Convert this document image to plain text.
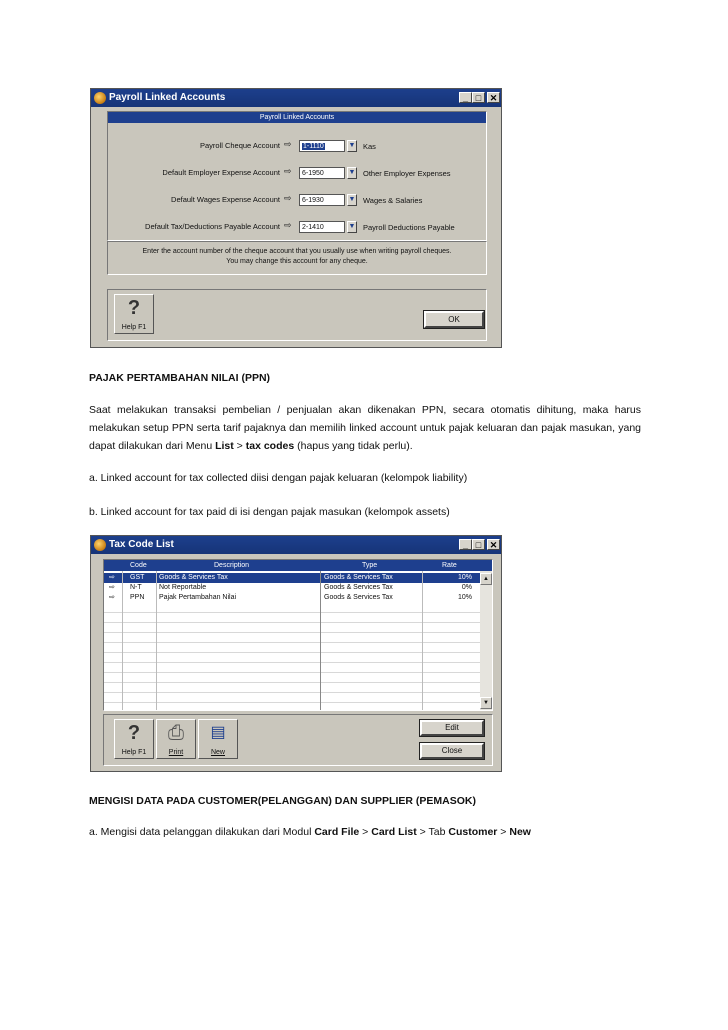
Payroll Linked Accounts	_ □ ✕
Payroll Linked Accounts
Payroll Cheque Account ⇨	1-1110	▼ Kas
Default Employer Expense Account ⇨	6-1950	▼ Other Employer Expenses
Default Wages Expense Account ⇨	6-1930	▼ Wages & Salaries
Default Tax/Deductions Payable Account ⇨	2-1410	▼ Payroll Deductions Payable
Enter the account number of the cheque account that you usually use when writing payroll cheques.
You may change this account for any cheque.
?
Help F1
OK
PAJAK PERTAMBAHAN NILAI (PPN)
Saat melakukan transaksi pembelian / penjualan akan dikenakan PPN, secara otomatis dihitung, maka harus melakukan setup PPN serta tarif pajaknya dan memilih linked account untuk pajak keluaran dan pajak masukan, yang dapat dilakukan dari Menu List > tax codes (hapus yang tidak perlu).
a. Linked account for tax collected diisi dengan pajak keluaran (kelompok liability)
b. Linked account for tax paid di isi dengan pajak masukan (kelompok assets)
Tax Code List	_ □ ✕
Code	Description	Type	Rate
⇨ GST Goods & Services Tax	Goods & Services Tax	10%
⇨ N-T Not Reportable	Goods & Services Tax	0%
⇨ PPN Pajak Pertambahan Nilai	Goods & Services Tax	10%
▲
▼
?
Help F1
⎙
Print
▤
New
Edit
Close
MENGISI DATA PADA CUSTOMER(PELANGGAN) DAN SUPPLIER (PEMASOK)
a. Mengisi data pelanggan dilakukan dari Modul Card File > Card List > Tab Customer > New
